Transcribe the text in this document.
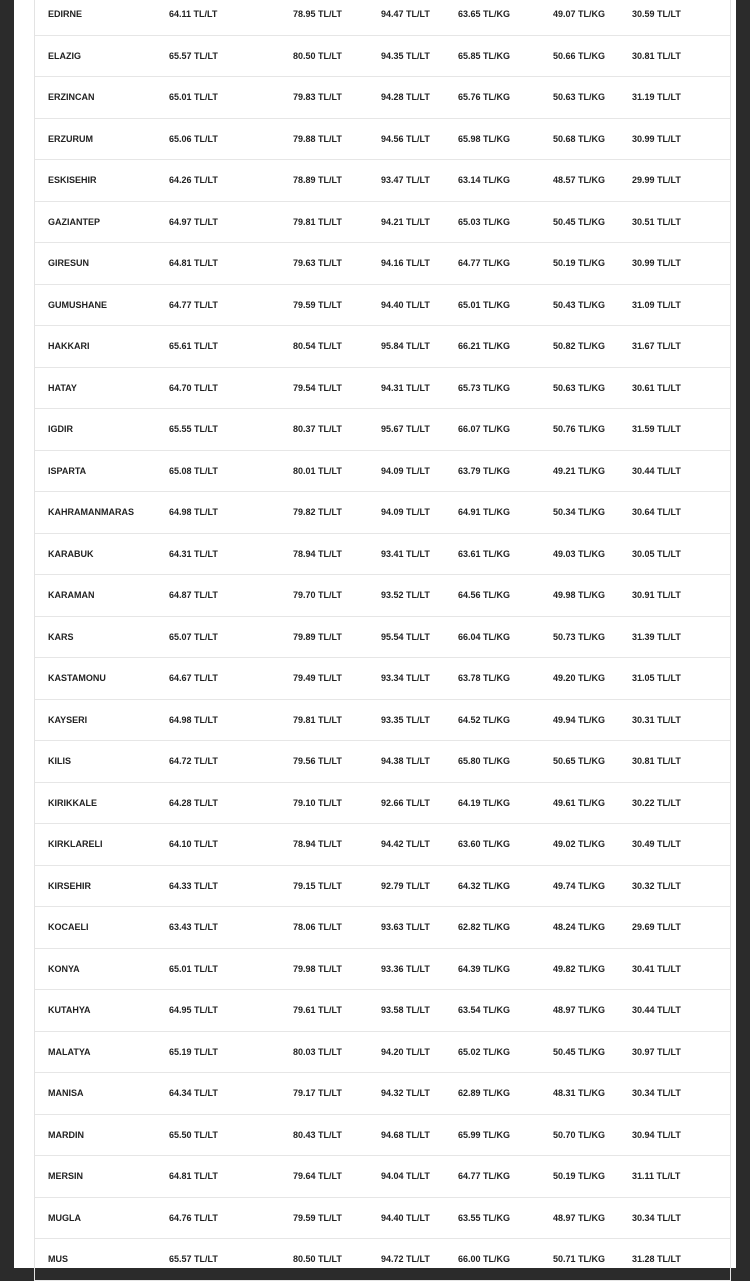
EDIRNE	64.11 TL/LT	78.95 TL/LT	94.47 TL/LT	63.65 TL/KG	49.07 TL/KG	30.59 TL/LT
ELAZIG	65.57 TL/LT	80.50 TL/LT	94.35 TL/LT	65.85 TL/KG	50.66 TL/KG	30.81 TL/LT
ERZINCAN	65.01 TL/LT	79.83 TL/LT	94.28 TL/LT	65.76 TL/KG	50.63 TL/KG	31.19 TL/LT
ERZURUM	65.06 TL/LT	79.88 TL/LT	94.56 TL/LT	65.98 TL/KG	50.68 TL/KG	30.99 TL/LT
ESKISEHIR	64.26 TL/LT	78.89 TL/LT	93.47 TL/LT	63.14 TL/KG	48.57 TL/KG	29.99 TL/LT
GAZIANTEP	64.97 TL/LT	79.81 TL/LT	94.21 TL/LT	65.03 TL/KG	50.45 TL/KG	30.51 TL/LT
GIRESUN	64.81 TL/LT	79.63 TL/LT	94.16 TL/LT	64.77 TL/KG	50.19 TL/KG	30.99 TL/LT
GUMUSHANE	64.77 TL/LT	79.59 TL/LT	94.40 TL/LT	65.01 TL/KG	50.43 TL/KG	31.09 TL/LT
HAKKARI	65.61 TL/LT	80.54 TL/LT	95.84 TL/LT	66.21 TL/KG	50.82 TL/KG	31.67 TL/LT
HATAY	64.70 TL/LT	79.54 TL/LT	94.31 TL/LT	65.73 TL/KG	50.63 TL/KG	30.61 TL/LT
IGDIR	65.55 TL/LT	80.37 TL/LT	95.67 TL/LT	66.07 TL/KG	50.76 TL/KG	31.59 TL/LT
ISPARTA	65.08 TL/LT	80.01 TL/LT	94.09 TL/LT	63.79 TL/KG	49.21 TL/KG	30.44 TL/LT
KAHRAMANMARAS	64.98 TL/LT	79.82 TL/LT	94.09 TL/LT	64.91 TL/KG	50.34 TL/KG	30.64 TL/LT
KARABUK	64.31 TL/LT	78.94 TL/LT	93.41 TL/LT	63.61 TL/KG	49.03 TL/KG	30.05 TL/LT
KARAMAN	64.87 TL/LT	79.70 TL/LT	93.52 TL/LT	64.56 TL/KG	49.98 TL/KG	30.91 TL/LT
KARS	65.07 TL/LT	79.89 TL/LT	95.54 TL/LT	66.04 TL/KG	50.73 TL/KG	31.39 TL/LT
KASTAMONU	64.67 TL/LT	79.49 TL/LT	93.34 TL/LT	63.78 TL/KG	49.20 TL/KG	31.05 TL/LT
KAYSERI	64.98 TL/LT	79.81 TL/LT	93.35 TL/LT	64.52 TL/KG	49.94 TL/KG	30.31 TL/LT
KILIS	64.72 TL/LT	79.56 TL/LT	94.38 TL/LT	65.80 TL/KG	50.65 TL/KG	30.81 TL/LT
KIRIKKALE	64.28 TL/LT	79.10 TL/LT	92.66 TL/LT	64.19 TL/KG	49.61 TL/KG	30.22 TL/LT
KIRKLARELI	64.10 TL/LT	78.94 TL/LT	94.42 TL/LT	63.60 TL/KG	49.02 TL/KG	30.49 TL/LT
KIRSEHIR	64.33 TL/LT	79.15 TL/LT	92.79 TL/LT	64.32 TL/KG	49.74 TL/KG	30.32 TL/LT
KOCAELI	63.43 TL/LT	78.06 TL/LT	93.63 TL/LT	62.82 TL/KG	48.24 TL/KG	29.69 TL/LT
KONYA	65.01 TL/LT	79.98 TL/LT	93.36 TL/LT	64.39 TL/KG	49.82 TL/KG	30.41 TL/LT
KUTAHYA	64.95 TL/LT	79.61 TL/LT	93.58 TL/LT	63.54 TL/KG	48.97 TL/KG	30.44 TL/LT
MALATYA	65.19 TL/LT	80.03 TL/LT	94.20 TL/LT	65.02 TL/KG	50.45 TL/KG	30.97 TL/LT
MANISA	64.34 TL/LT	79.17 TL/LT	94.32 TL/LT	62.89 TL/KG	48.31 TL/KG	30.34 TL/LT
MARDIN	65.50 TL/LT	80.43 TL/LT	94.68 TL/LT	65.99 TL/KG	50.70 TL/KG	30.94 TL/LT
MERSIN	64.81 TL/LT	79.64 TL/LT	94.04 TL/LT	64.77 TL/KG	50.19 TL/KG	31.11 TL/LT
MUGLA	64.76 TL/LT	79.59 TL/LT	94.40 TL/LT	63.55 TL/KG	48.97 TL/KG	30.34 TL/LT
MUS	65.57 TL/LT	80.50 TL/LT	94.72 TL/LT	66.00 TL/KG	50.71 TL/KG	31.28 TL/LT
